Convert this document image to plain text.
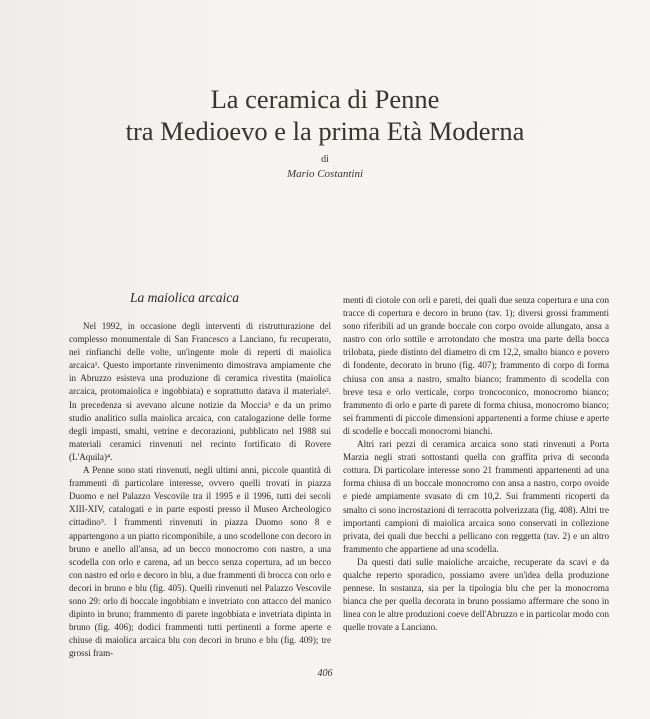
La ceramica di Penne
tra Medioevo e la prima Età Moderna
di
Mario Costantini
La maiolica arcaica

Nel 1992, in occasione degli interventi di ristrutturazione del complesso monumentale di San Francesco a Lanciano, fu recuperato, nei rinfianchi delle volte, un'ingente mole di reperti di maiolica arcaica¹. Questo importante rinvenimento dimostrava ampiamente che in Abruzzo esisteva una produzione di ceramica rivestita (maiolica arcaica, protomaiolica e ingobbiata) e soprattutto datava il materiale². In precedenza si avevano alcune notizie da Moccia³ e da un primo studio analitico sulla maiolica arcaica, con catalogazione delle forme degli impasti, smalti, vetrine e decorazioni, pubblicato nel 1988 sui materiali ceramici rinvenuti nel recinto fortificato di Rovere (L'Aquila)⁴.

A Penne sono stati rinvenuti, negli ultimi anni, piccole quantità di frammenti di particolare interesse, ovvero quelli trovati in piazza Duomo e nel Palazzo Vescovile tra il 1995 e il 1996, tutti dei secoli XIII-XIV, catalogati e in parte esposti presso il Museo Archeologico cittadino⁵. I frammenti rinvenuti in piazza Duomo sono 8 e appartengono a un piatto ricomponibile, a uno scodellone con decoro in bruno e anello all'ansa, ad un becco monocromo con nastro, a una scodella con orlo e carena, ad un becco senza copertura, ad un becco con nastro ed orlo e decoro in blu, a due frammenti di brocca con orlo e decori in bruno e blu (fig. 405). Quelli rinvenuti nel Palazzo Vescovile sono 29: orlo di boccale ingobbiato e invetriato con attacco del manico dipinto in bruno; frammento di parete ingobbiata e invetriata dipinta in bruno (fig. 406); dodici frammenti tutti pertinenti a forme aperte e chiuse di maiolica arcaica blu con decori in bruno e blu (fig. 409); tre grossi fram-

menti di ciotole con orli e pareti, dei quali due senza copertura e una con tracce di copertura e decoro in bruno (tav. 1); diversi grossi frammenti sono riferibili ad un grande boccale con corpo ovoide allungato, ansa a nastro con orlo sottile e arrotondato che mostra una parte della bocca trilobata, piede distinto del diametro di cm 12,2, smalto bianco e povero di fondente, decorato in bruno (fig. 407); frammento di corpo di forma chiusa con ansa a nastro, smalto bianco; frammento di scodella con breve tesa e orlo verticale, corpo troncoconico, monocromo bianco; frammento di orlo e parte di parete di forma chiusa, monocromo bianco; sei frammenti di piccole dimensioni appartenenti a forme chiuse e aperte di scodelle e boccali monocromi bianchi.

Altri rari pezzi di ceramica arcaica sono stati rinvenuti a Porta Marzia negli strati sottostanti quella con graffita priva di seconda cottura. Di particolare interesse sono 21 frammenti appartenenti ad una forma chiusa di un boccale monocromo con ansa a nastro, corpo ovoide e piede ampiamente svasato di cm 10,2. Sui frammenti ricoperti da smalto ci sono incrostazioni di terracotta polverizzata (fig. 408). Altri tre importanti campioni di maiolica arcaica sono conservati in collezione privata, dei quali due becchi a pellicano con reggetta (tav. 2) e un altro frammento che appartiene ad una scodella.

Da questi dati sulle maioliche arcaiche, recuperate da scavi e da qualche reperto sporadico, possiamo avere un'idea della produzione pennese. In sostanza, sia per la tipologia blu che per la monocroma bianca che per quella decorata in bruno possiamo affermare che sono in linea con le altre produzioni coeve dell'Abruzzo e in particolar modo con quelle trovate a Lanciano.

406
